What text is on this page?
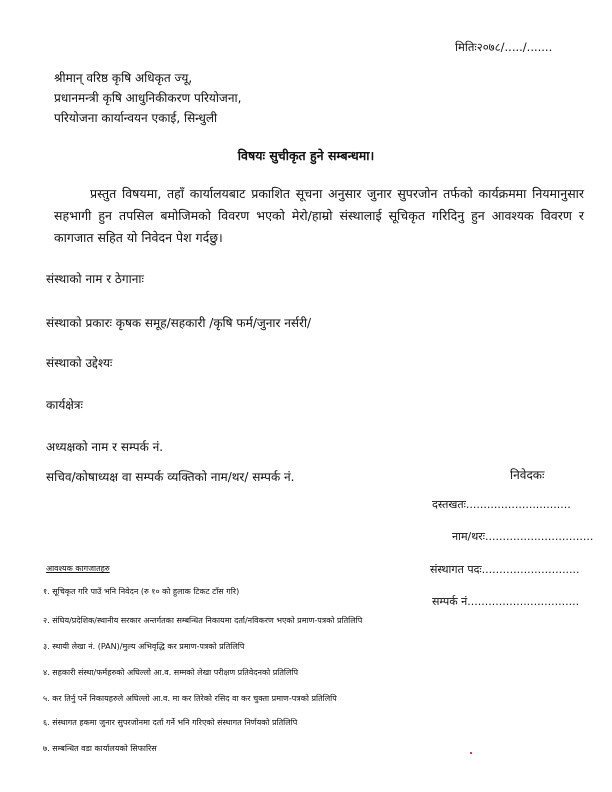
मितिः२०७८/...../.......
श्रीमान् वरिष्ठ कृषि अधिकृत ज्यू,
प्रधानमन्त्री कृषि आधुनिकीकरण परियोजना,
परियोजना कार्यान्वयन एकाई, सिन्धुली
विषयः सुचीकृत हुने सम्बन्धमा।
प्रस्तुत विषयमा, तहाँ कार्यालयबाट प्रकाशित सूचना अनुसार जुनार सुपरजोन तर्फको कार्यक्रममा नियमानुसार सहभागी हुन तपसिल बमोजिमको विवरण भएको मेरो/हाम्रो संस्थालाई सूचिकृत गरिदिनु हुन आवश्यक विवरण र कागजात सहित यो निवेदन पेश गर्दछु।
संस्थाको नाम र ठेगानाः
संस्थाको प्रकारः कृषक समूह/सहकारी /कृषि फर्म/जुनार नर्सरी/
संस्थाको उद्देश्यः
कार्यक्षेत्रः
अध्यक्षको नाम र सम्पर्क नं.
सचिव/कोषाध्यक्ष वा सम्पर्क व्यक्तिको नाम/थर/ सम्पर्क नं.	निवेदकः
दस्तखतः..............................
नाम/थरः...............................
संस्थागत पदः............................
सम्पर्क नं................................
आवश्यक कागजातहरु
१. सूचिकृत गरि पाउँ भनि निवेदन (रु १० को हुलाक टिकट टाँस गरि)
२. संघिय/प्रदेशिक/स्थानीय सरकार अन्तर्गतका सम्बन्धित निकायमा दर्ता/नविकरण भएको प्रमाण-पत्रको प्रतिलिपि
३. स्थायी लेखा नं. (PAN)/मुल्य अभिवृद्धि कर प्रमाण-पत्रको प्रतिलिपि
४. सहकारी संस्था/फर्महरुको अघिल्लो आ.व. सम्मको लेखा परीक्षण प्रतिवेदनको प्रतिलिपि
५. कर तिर्नु पर्ने निकायहरुले अघिल्लो आ.व. मा कर तिरेको रसिद वा कर चुक्ता प्रमाण-पत्रको प्रतिलिपि
६. संस्थागत हकमा जुनार सुपरजोनमा दर्ता गर्ने भनि गरिएको संस्थागत निर्णयको प्रतिलिपि
७. सम्बन्धित वडा कार्यालयको सिफारिस
